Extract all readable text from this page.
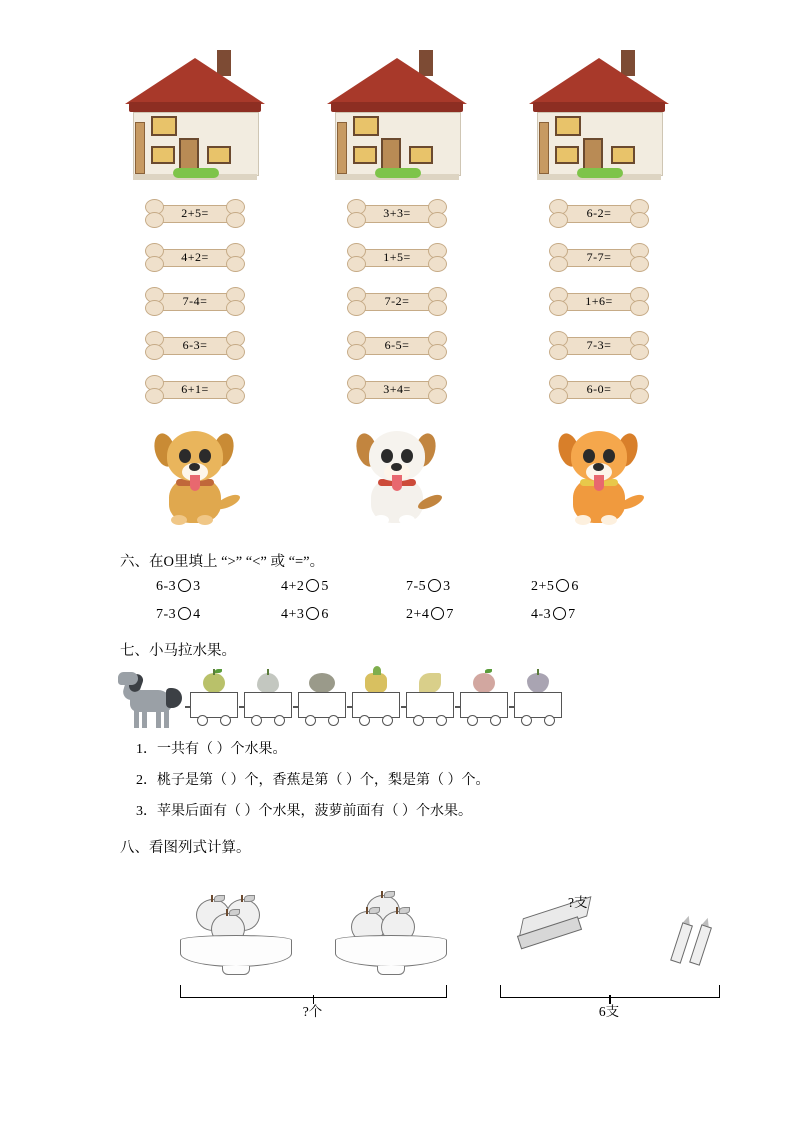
2+5=
4+2=
7-4=
6-3=
6+1=
3+3=
1+5=
7-2=
6-5=
3+4=
6-2=
7-7=
1+6=
7-3=
6-0=
六、在O里填上 “>” “<” 或 “=”。
6-3 3	4+2 5	7-5 3	2+5 6
7-3 4	4+3 6	2+4 7	4-3 7
七、小马拉水果。
1．一共有（ ）个水果。
2．桃子是第（ ）个，香蕉是第（ ）个，梨是第（ ）个。
3．苹果后面有（ ）个水果，菠萝前面有（ ）个水果。
八、看图列式计算。
?个
?支
6支
